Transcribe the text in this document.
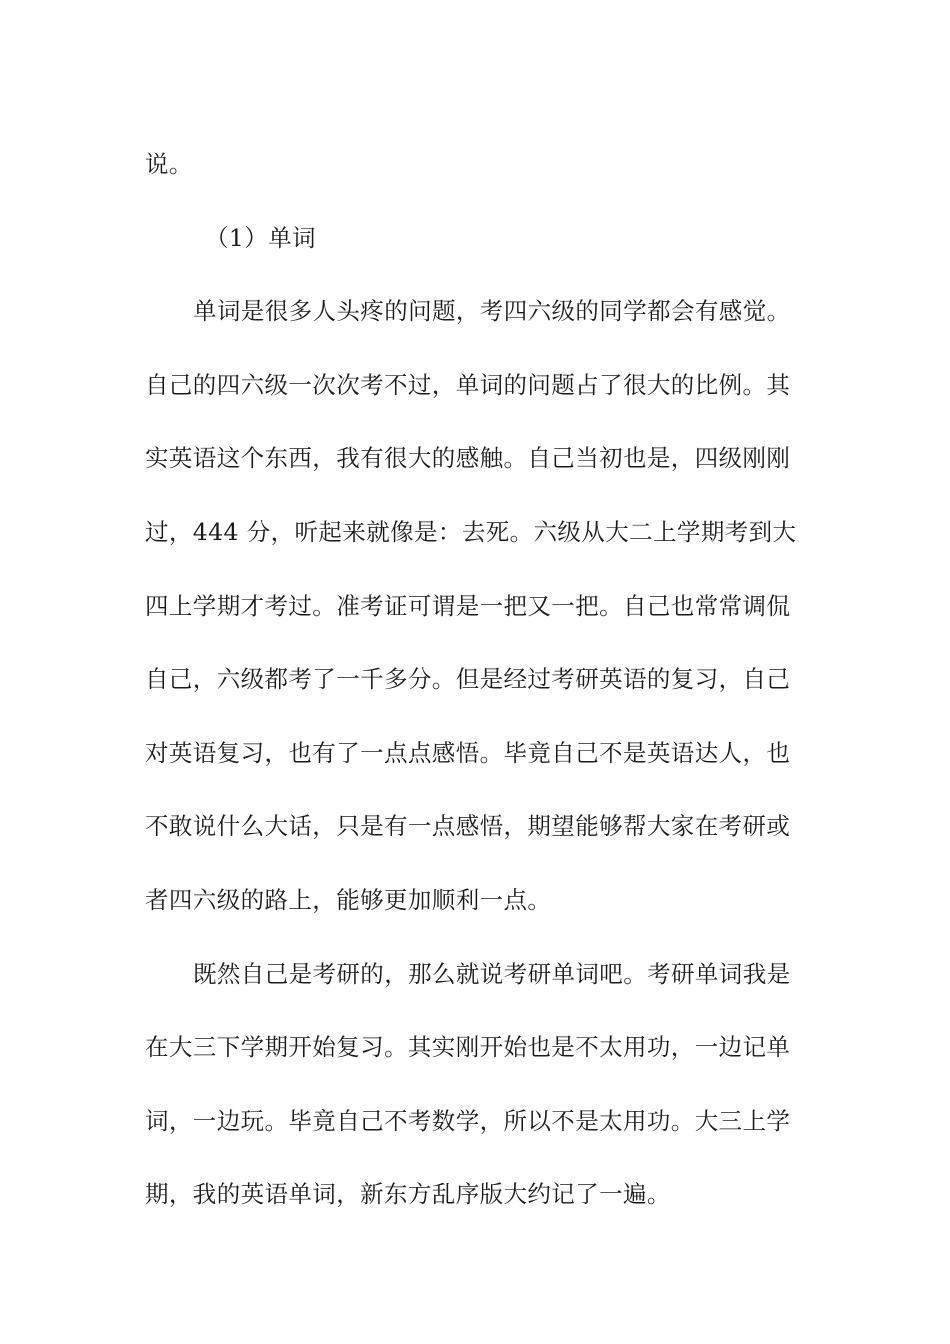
说。

（1）单词

单词是很多人头疼的问题，考四六级的同学都会有感觉。

自己的四六级一次次考不过，单词的问题占了很大的比例。其

实英语这个东西，我有很大的感触。自己当初也是，四级刚刚

过，444 分，听起来就像是：去死。六级从大二上学期考到大

四上学期才考过。准考证可谓是一把又一把。自己也常常调侃

自己，六级都考了一千多分。但是经过考研英语的复习，自己

对英语复习，也有了一点点感悟。毕竟自己不是英语达人，也

不敢说什么大话，只是有一点感悟，期望能够帮大家在考研或

者四六级的路上，能够更加顺利一点。

既然自己是考研的，那么就说考研单词吧。考研单词我是

在大三下学期开始复习。其实刚开始也是不太用功，一边记单

词，一边玩。毕竟自己不考数学，所以不是太用功。大三上学

期，我的英语单词，新东方乱序版大约记了一遍。
